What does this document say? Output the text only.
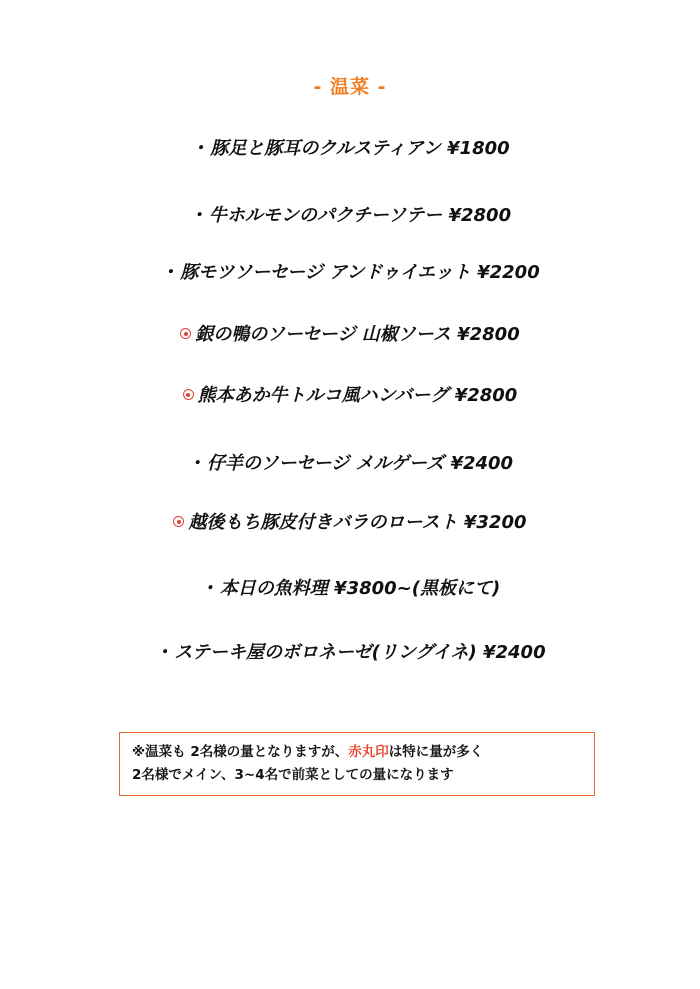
- 温菜 -
・ 豚足と豚耳のクルスティアン ¥1800
・ 牛ホルモンのパクチーソテー ¥2800
・ 豚モツソーセージ アンドゥイエット ¥2200
銀の鴨のソーセージ 山椒ソース ¥2800
熊本あか牛トルコ風ハンバーグ ¥2800
・ 仔羊のソーセージ メルゲーズ ¥2400
越後もち豚皮付きバラのロースト ¥3200
・ 本日の魚料理 ¥3800~(黒板にて)
・ ステーキ屋のボロネーゼ(リングイネ) ¥2400
※温菜も 2名様の量となりますが、赤丸印は特に量が多く
2名様でメイン、3~4名で前菜としての量になります
